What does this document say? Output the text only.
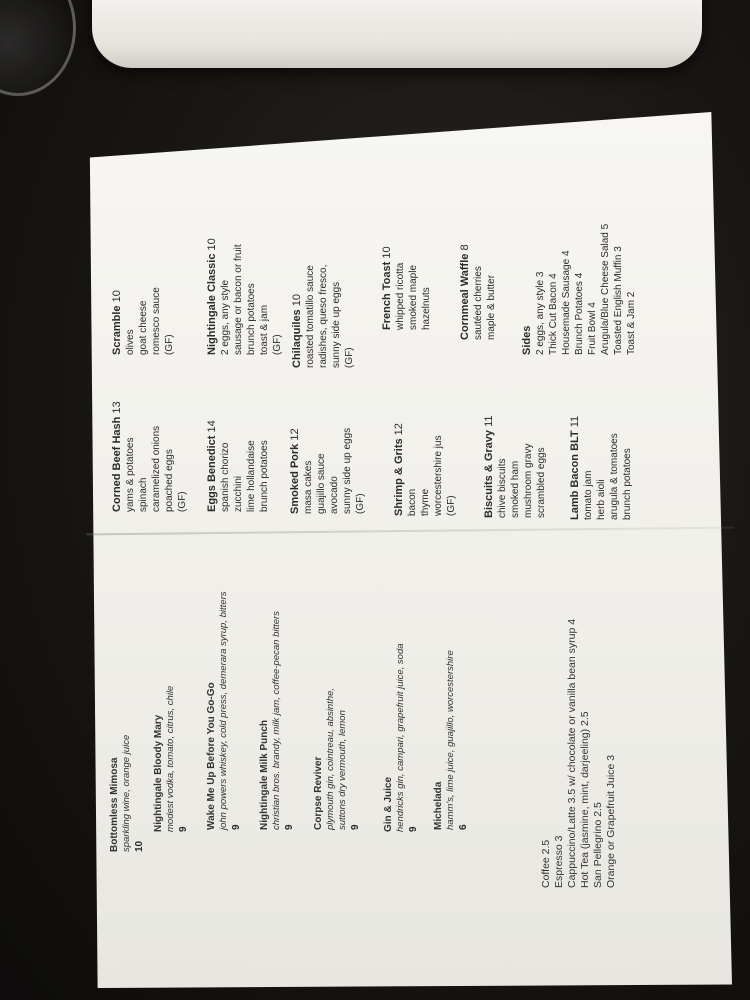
Bottomless Mimosa sparkling wine, orange juice 10
Nightingale Bloody Mary modest vodka, tomato, citrus, chile 9 Wake Me Up Before You Go-Go john powers whiskey, cold press, demerara syrup, bitters 9 Nightingale Milk Punch christian bros. brandy, milk jam, coffee-pecan bitters 9 Corpse Reviver plymouth gin, cointreau, absinthe, suttons dry vermouth, lemon 9 Gin & Juice hendricks gin, campari, grapefruit juice, soda 9 Michelada hamm's, lime juice, guajillo, worcestershire 6
Coffee 2.5 Espresso 3 Cappuccino/Latte 3.5 w/ chocolate or vanilla bean syrup 4 Hot Tea (jasmine, mint, darjeeling) 2.5 San Pellegrino 2.5 Orange or Grapefruit Juice 3
Corned Beef Hash 13
yams & potatoes spinach caramelized onions poached eggs (GF) Eggs Benedict 14
spanish chorizo zucchini lime hollandaise brunch potatoes Smoked Pork 12
masa cakes guajillo sauce avocado sunny side up eggs (GF) Shrimp & Grits 12
bacon thyme worcestershire jus (GF) Biscuits & Gravy 11
chive biscuits smoked ham mushroom gravy scrambled eggs Lamb Bacon BLT 11
tomato jam herb aioli arugula & tomatoes brunch potatoes
Scramble 10
olives goat cheese romesco sauce (GF)	Nightingale Classic 10
2 eggs, any style sausage or bacon or fruit brunch potatoes toast & jam (GF) Chilaquiles 10 roasted tomatillo sauce radishes, queso fresco, sunny side up eggs (GF)
French Toast 10
whipped ricotta smoked maple hazelnuts Cornmeal Waffle 8
sautéed cherries maple & butter
Sides 2 eggs, any style 3 Thick Cut Bacon 4 Housemade Sausage 4 Brunch Potatoes 4 Fruit Bowl 4 Arugula/Blue Cheese Salad 5 Toasted English Muffin 3 Toast & Jam 2
